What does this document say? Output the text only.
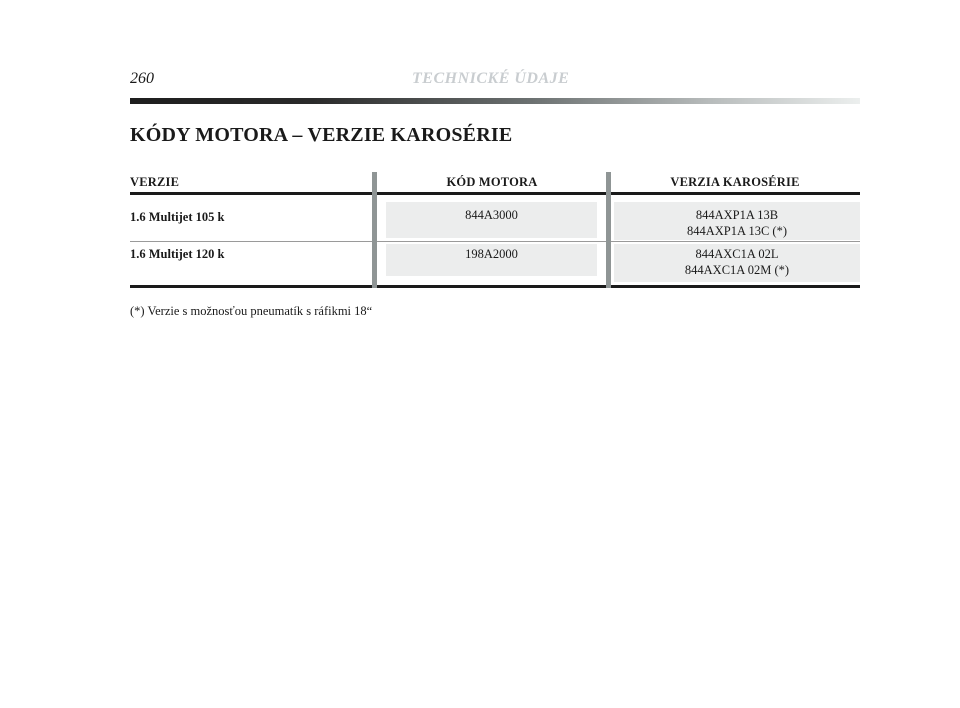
260	TECHNICKÉ ÚDAJE
KÓDY MOTORA – VERZIE KAROSÉRIE
VERZIE	KÓD MOTORA	VERZIA KAROSÉRIE
1.6 Multijet 105 k	844A3000	844AXP1A 13B
844AXP1A 13C (*)
1.6 Multijet 120 k	198A2000	844AXC1A 02L
844AXC1A 02M (*)
(*) Verzie s možnosťou pneumatík s ráfikmi 18“
